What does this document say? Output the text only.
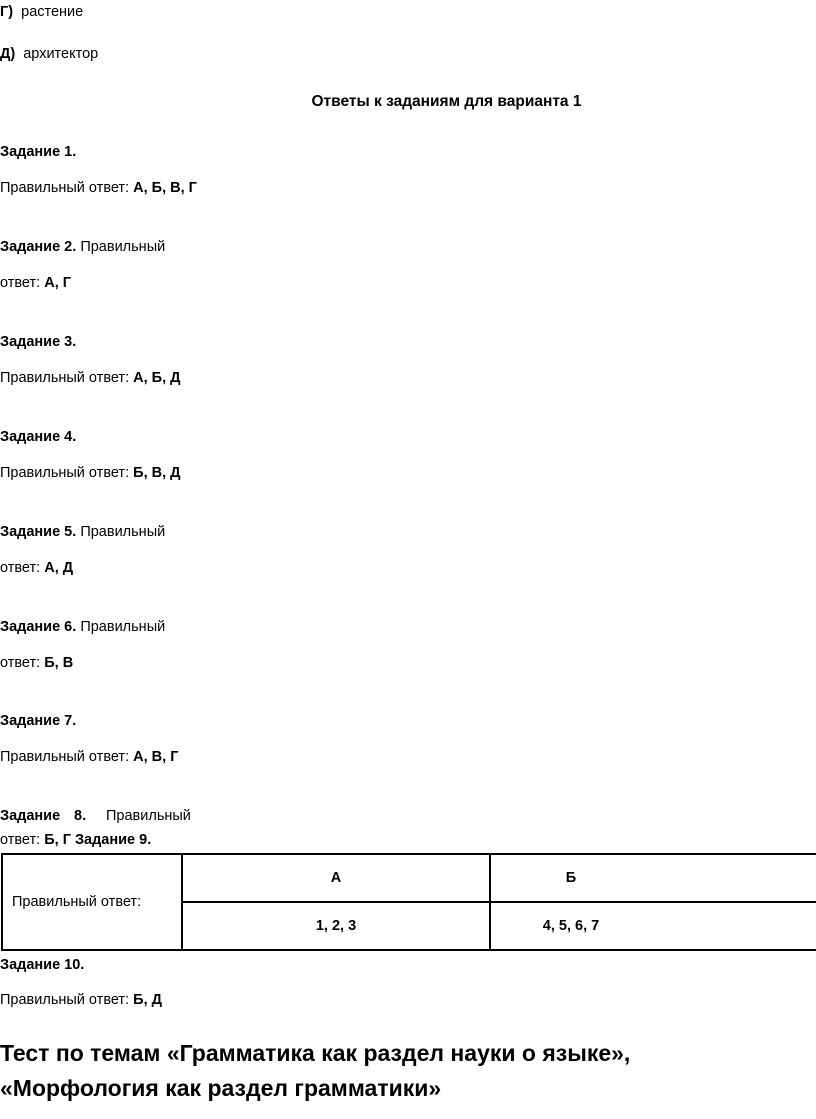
Г) растение
Д) архитектор
Ответы к заданиям для варианта 1
Задание 1.
Правильный ответ: А, Б, В, Г
Задание 2. Правильный
ответ: А, Г
Задание 3.
Правильный ответ: А, Б, Д
Задание 4.
Правильный ответ: Б, В, Д
Задание 5. Правильный
ответ: А, Д
Задание 6. Правильный
ответ: Б, В
Задание 7.
Правильный ответ: А, В, Г
Задание 8. Правильный
ответ: Б, Г Задание 9.
Правильный ответ:	А	Б
	1, 2, 3	4, 5, 6, 7
Задание 10.
Правильный ответ: Б, Д
Тест по темам «Грамматика как раздел науки о языке»,
«Морфология как раздел грамматики»
